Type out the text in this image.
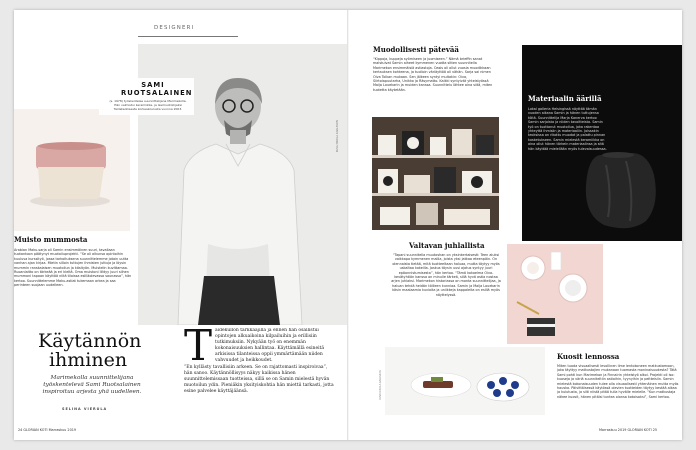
DESIGNERI
Muisto mummosta
Arabian Maku-sarja oli Samin ensimmäinen suuri, tavallaan tuotantoon päätynyt muotoiluprojekti. “Se oli alkunsa opintoihin kuuluva kurssityö, jossa tarkoituksena suunnittelemme jotain uutta vanhan ajan kirjaa. Mietin silloin tuttujen ihmisten juttuja ja löysin mummin ranskalaisen muotoilun ja käsityön. Muistelin kuvittamaa. Ruoanlaitto on tärkeää ja eri kieltä. Oma muistoni liittyy juuri siihen mummoni tapaan käyttää niitä tiloissa esilläolevassa saunassa”, hän kertoo. Suunnittelemme Maku-astiat tukemaan arkea ja saa perinteen suojaan uudelleen.
SAMI RUOTSALAINEN
(s. 1978) työskentelee suunnittelijana Marimekolla. Hän valmistui keramiikka- ja lasimuotoilijaksi Taideteollisesta korkeakoulusta vuonna 2003.
KUVA NIKOLA KARLSSON
Käytännön ihminen
Marimekolla suunnittelijana työskentelevä Sami Ruotsalainen inspiroituu arjesta yhä uudelleen.
SELINA VIERULA
Taidekullon tarkkaajilla ja ennen hän osallistui opintojen alkuaikoina kilpailuihin ja erillisiin tutkimuksiin. Nykyään työ on enemmän kokonaisuuksien hallintaa. Käyttämällä esineitä arkisissa tilanteissa oppii ymmärtämään niiden vahvuudet ja heikkoudet.
“En kyllästy tavallisiin arkeen. Se on rajattomasti inspiroivaa”, hän sanoo. Käytännöllisyys näkyy kaikissa hänen suunnittelemissaan tuotteissa, sillä se on Samin mielestä hyvän muotoilun ydin. Pieniäkin yksityiskohtia hän miettii tarkasti, jotta esine palvelee käyttäjäänsä.
24 GLORIAN KOTI Marraskuu 2019
Muodollisesti pätevää
“Kippoja, kuppeja syömiseen ja juomiseen.” Nämä brieffin sanat maistuivat Samin aiheet kymmenen vuotta sitten suunnitella Marimekon ensimmäisiä astiastoja. Oasis oli ollut vuosia muodikkaan kertauksen kohteena, ja tuolloin väriäyttöä oli vähän. Sarja sai nimen Oiva Toikan mukaan. Sen jälkeen syntyi muitakin: Oiva, Siirtolapuutarha, Unikko ja Räsymatto. Kaikki syntyivät yhteistyössä Maija Louekarin ja muiden kanssa. Suunnittelu lähtee aina siitä, miten tuotetta käytetään.
Materiaalin äärillä
Lokal galleria Helsingissä näyttää tämän vuoden aikana Samin ja hänen tuttujensa töitä. Suunnittelija Marja Kanerva kertoo Samin sarjoista ja niiden tavoitteista. Samin työ on tuottanut muotoilua, joka rakentaa yhteyttä ihmisiin ja materiaaliin. Joissakin teoksissa on rikottu muodot ja palattu pinnan kosketukseen. Samin mielestä keramiikka on aina ollut hänen tärkein materiaalinsa ja sitä hän käyttää mielellään myös tulevaisuudessa.
Valtavan juhlallista
“Tapani suunnitella muutoshan on yksinkertaisesti: Teen aluksi vaikkapa kymmenen mallia, joista yksi jatkaa eteenpäin. On olennaista tietää, mitä tuotteeltaan haluaa, mutta täytyy myös uskaltaa kokeilla. Joskus täysin uusi ajatus syntyy juuri epäonnistumisesta”, hän kertoo. “Tämä kokoelma Oiva-kevätyhtiön kanssa on minulle tärkeä, sillä hyvä astia nostaa arjen juhlaksi. Marimekon historiassa on monta suunnittelijaa, ja haluan tehdä heidän töilleen kunniaa. Samin ja Maija Louekarin käsin maalaamia kuvioita ja uniikkeja kappaleita on esillä myös näyttelyssä.
KUVA NIKOLA KARLSSON
Kuosit lennossa
Miten tuoda visuaalisesti levollinen ilme lentokoneen matkustamoon, joka täyttyy matkustajien mukanaan tuomasta moninaisuudesta? Tätä Sami pohti kun Marimekon ja Finnairin yhteistyö alkoi. Projekti oli iso: kuoseja ja väriä suunniteltiin astioihin, tyynyihin ja peitteisiin. Samin mielestä kokonaisuuden tulee olla visuaalisesti yhtenäinen mutta myös hauska. Päivittäisessä käytössä olevien tuotteiden täytyy kestää aikaa ja kulutusta, ja silti niistä pitää tulla hyvälle mielelle. “Kun matkustaja näkee kuosit, hänen pitäisi tuntea olonsa kotoisaksi”, Sami kertoo.
Marraskuu 2019 GLORIAN KOTI 25
